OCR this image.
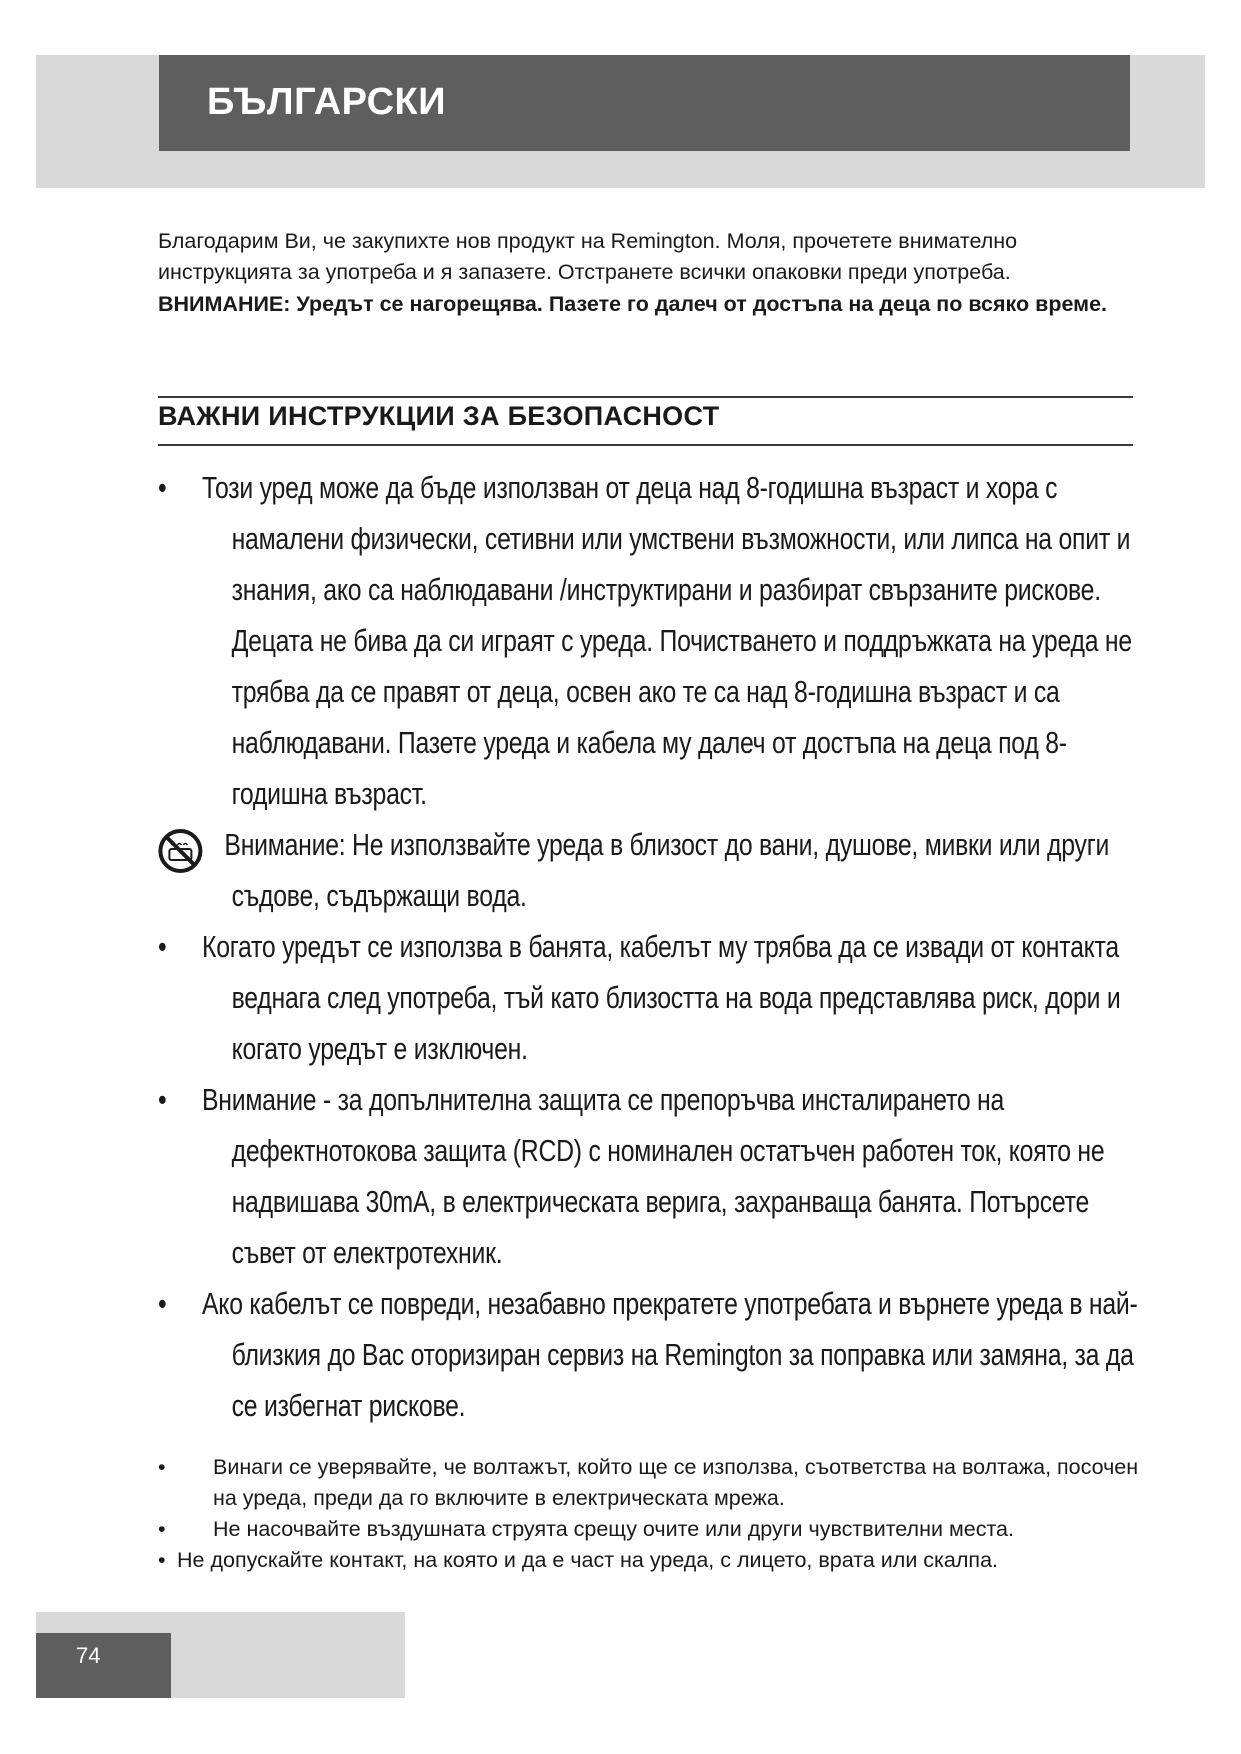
БЪЛГАРСКИ

Благодарим Ви, че закупихте нов продукт на Remington. Моля, прочетете внимателно инструкцията за употреба и я запазете. Отстранете всички опаковки преди употреба.

ВНИМАНИЕ: Уредът се нагорещява. Пазете го далеч от достъпа на деца по всяко време.

ВАЖНИ ИНСТРУКЦИИ ЗА БЕЗОПАСНОСТ
• Този уред може да бъде използван от деца над 8-годишна възраст и хора с намалени физически, сетивни или умствени възможности, или липса на опит и знания, ако са наблюдавани /инструктирани и разбират свързаните рискове. Децата не бива да си играят с уреда. Почистването и поддръжката на уреда не трябва да се правят от деца, освен ако те са над 8-годишна възраст и са наблюдавани. Пазете уреда и кабела му далеч от достъпа на деца под 8-годишна възраст.
Внимание: Не използвайте уреда в близост до вани, душове, мивки или други съдове, съдържащи вода.
• Когато уредът се използва в банята, кабелът му трябва да се извади от контакта веднага след употреба, тъй като близостта на вода представлява риск, дори и когато уредът е изключен.
• Внимание - за допълнителна защита се препоръчва инсталирането на дефектнотокова защита (RCD) с номинален остатъчен работен ток, която не надвишава 30mA, в електрическата верига, захранваща банята. Потърсете съвет от електротехник.
• Ако кабелът се повреди, незабавно прекратете употребата и върнете уреда в най-близкия до Вас оторизиран сервиз на Remington за поправка или замяна, за да се избегнат рискове.
• Винаги се уверявайте, че волтажът, който ще се използва, съответства на волтажа, посочен на уреда, преди да го включите в електрическата мрежа.
• Не насочвайте въздушната струята срещу очите или други чувствителни места.
• Не допускайте контакт, на която и да е част на уреда, с лицето, врата или скалпа.
74
